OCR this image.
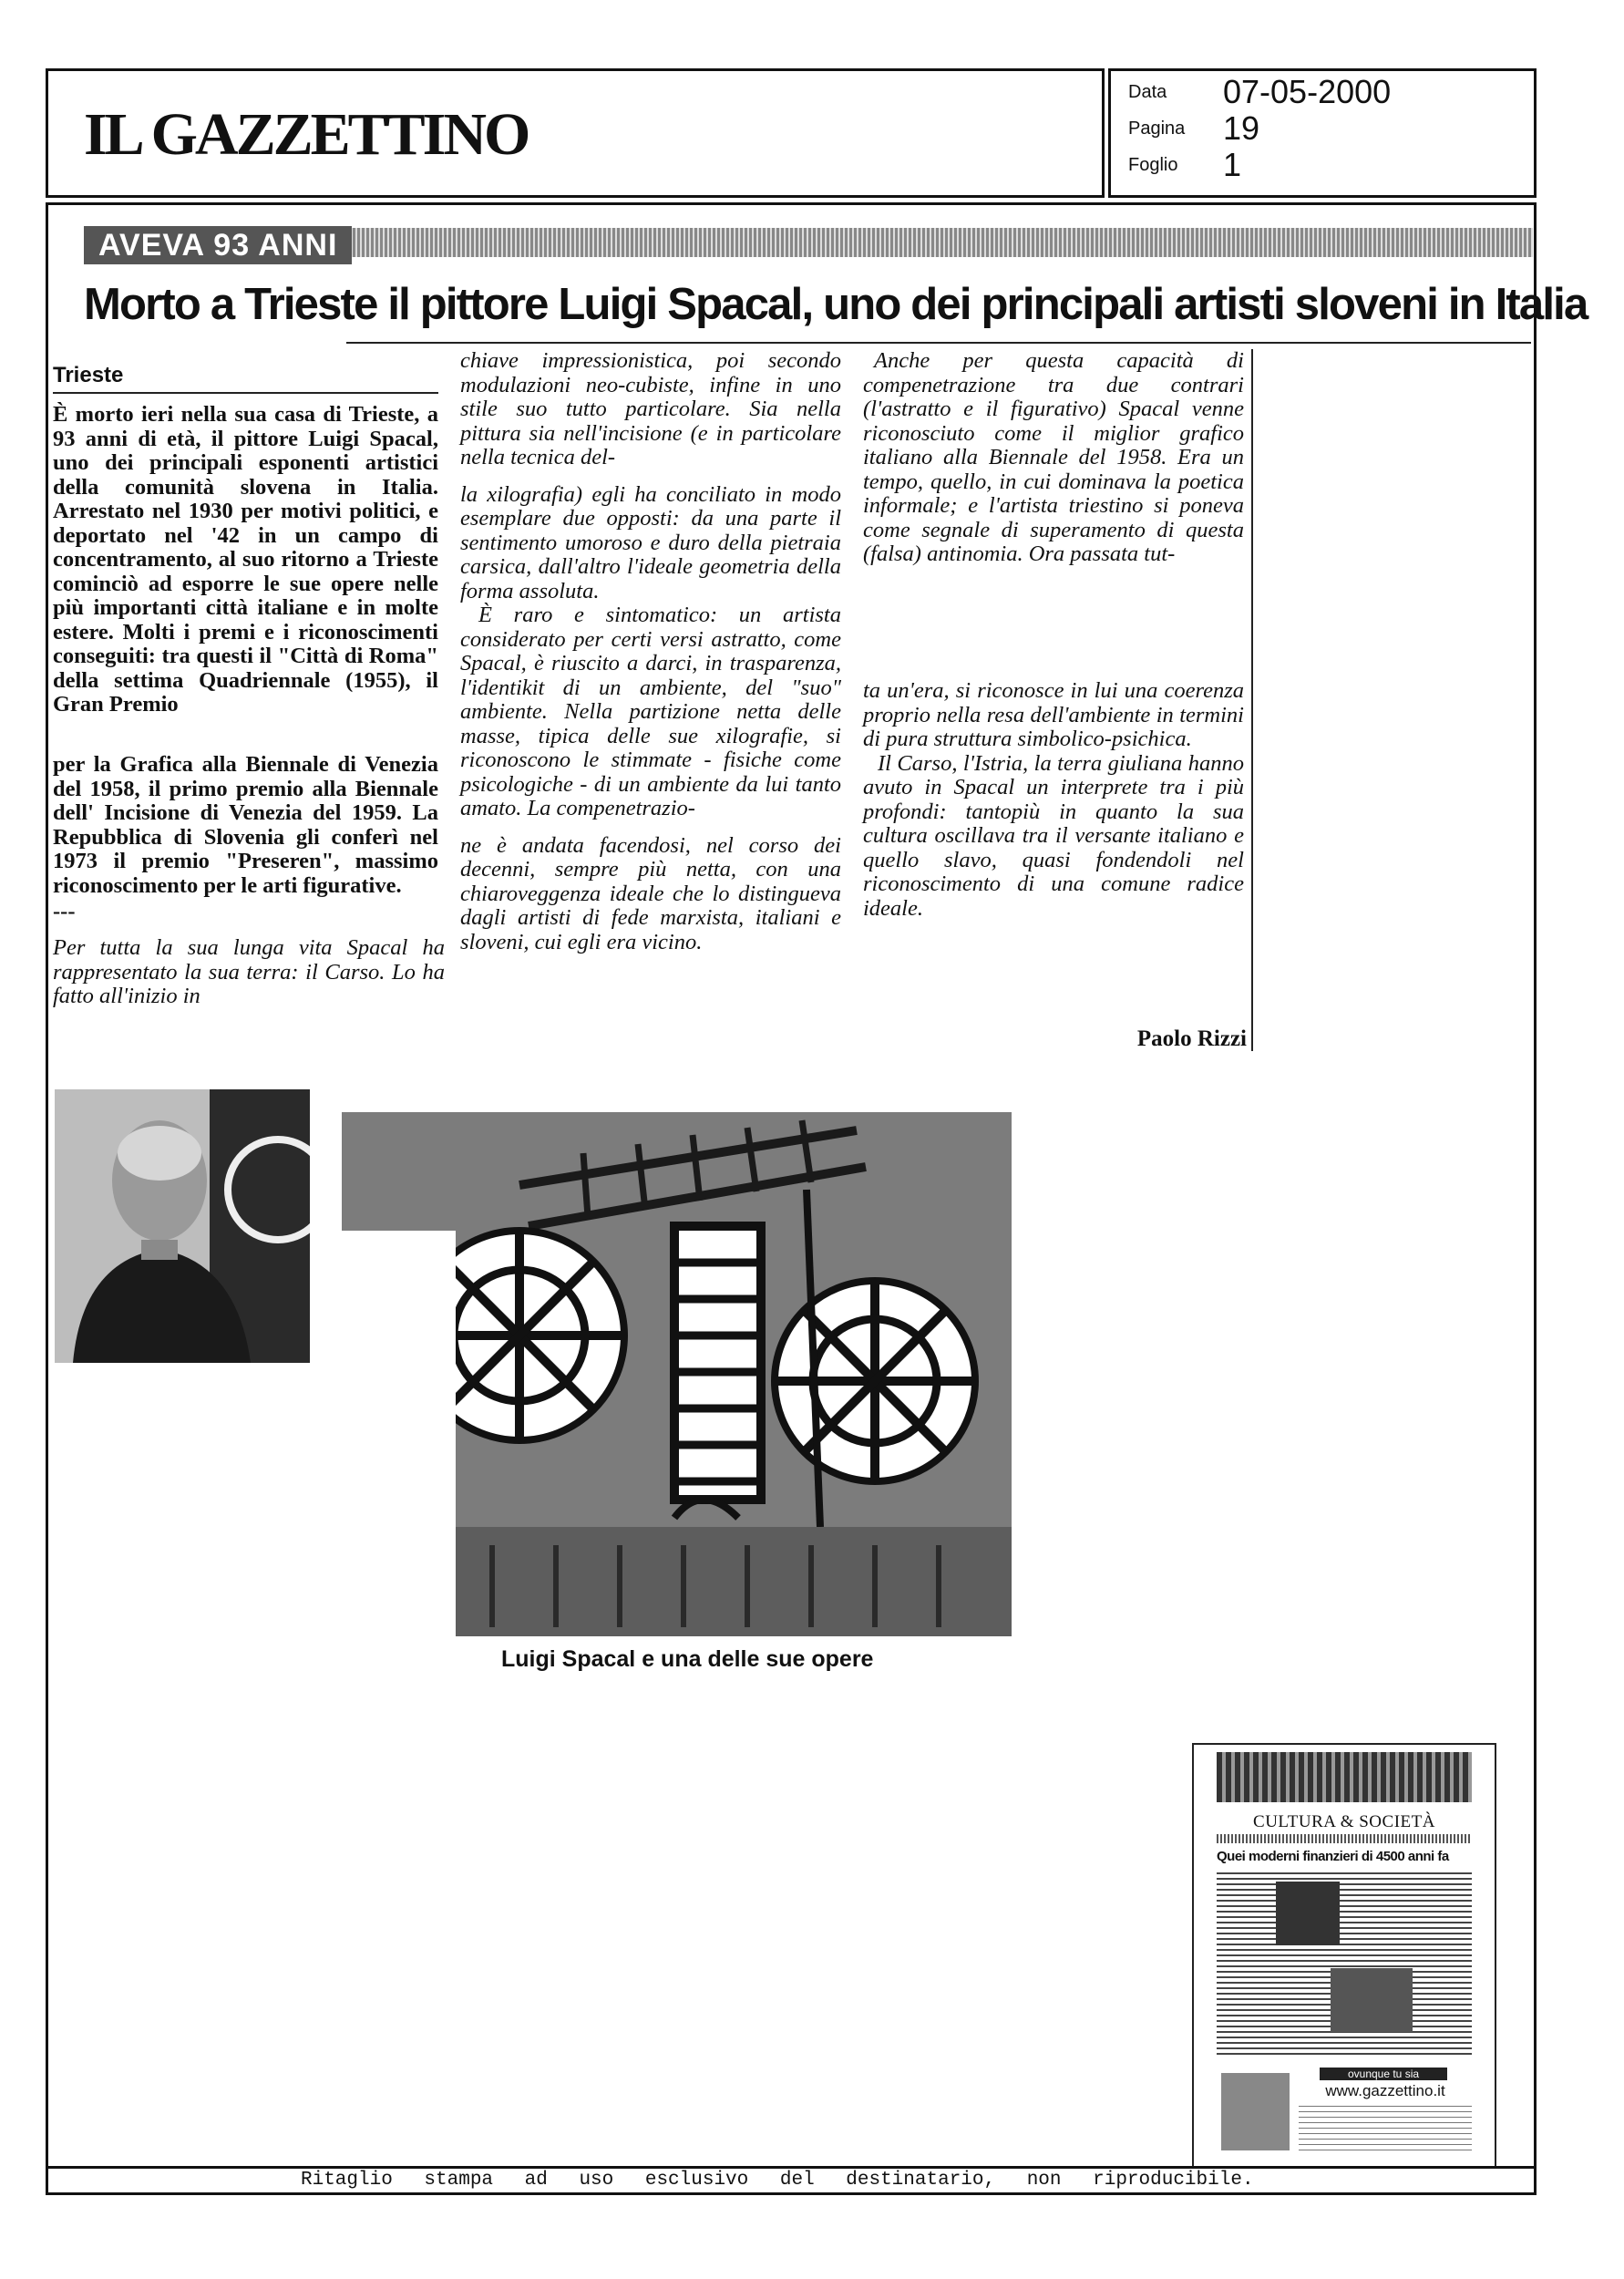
IL GAZZETTINO
Data 07-05-2000
Pagina 19
Foglio 1
AVEVA 93 ANNI
Morto a Trieste il pittore Luigi Spacal, uno dei principali artisti sloveni in Italia
Trieste

È morto ieri nella sua casa di Trieste, a 93 anni di età, il pittore Luigi Spacal, uno dei principali esponenti artistici della comunità slovena in Italia. Arrestato nel 1930 per motivi politici, e deportato nel '42 in un campo di concentramento, al suo ritorno a Trieste cominciò ad esporre le sue opere nelle più importanti città italiane e in molte estere. Molti i premi e i riconoscimenti conseguiti: tra questi il "Città di Roma" della settima Quadriennale (1955), il Gran Premio

per la Grafica alla Biennale di Venezia del 1958, il primo premio alla Biennale dell' Incisione di Venezia del 1959. La Repubblica di Slovenia gli conferì nel 1973 il premio "Preseren", massimo riconoscimento per le arti figurative.

---

Per tutta la sua lunga vita Spacal ha rappresentato la sua terra: il Carso. Lo ha fatto all'inizio in

chiave impressionistica, poi secondo modulazioni neo-cubiste, infine in uno stile suo tutto particolare. Sia nella pittura sia nell'incisione (e in particolare nella tecnica del-

la xilografia) egli ha conciliato in modo esemplare due opposti: da una parte il sentimento umoroso e duro della pietraia carsica, dall'altro l'ideale geometria della forma assoluta.

È raro e sintomatico: un artista considerato per certi versi astratto, come Spacal, è riuscito a darci, in trasparenza, l'identikit di un ambiente, del "suo" ambiente. Nella partizione netta delle masse, tipica delle sue xilografie, si riconoscono le stimmate - fisiche come psicologiche - di un ambiente da lui tanto amato. La compenetrazio-

ne è andata facendosi, nel corso dei decenni, sempre più netta, con una chiaroveggenza ideale che lo distingueva dagli artisti di fede marxista, italiani e sloveni, cui egli era vicino.

Anche per questa capacità di compenetrazione tra due contrari (l'astratto e il figurativo) Spacal venne riconosciuto come il miglior grafico italiano alla Biennale del 1958. Era un tempo, quello, in cui dominava la poetica informale; e l'artista triestino si poneva come segnale di superamento di questa (falsa) antinomia. Ora passata tut-

ta un'era, si riconosce in lui una coerenza proprio nella resa dell'ambiente in termini di pura struttura simbolico-psichica.

Il Carso, l'Istria, la terra giuliana hanno avuto in Spacal un interprete tra i più profondi: tantopiù in quanto la sua cultura oscillava tra il versante italiano e quello slavo, quasi fondendoli nel riconoscimento di una comune radice ideale.

Paolo Rizzi
Luigi Spacal e una delle sue opere
CULTURA & SOCIETÀ
Quei moderni finanzieri di 4500 anni fa
ovunque tu sia
www.gazzettino.it
Ritaglio stampa ad uso esclusivo del destinatario, non riproducibile.
